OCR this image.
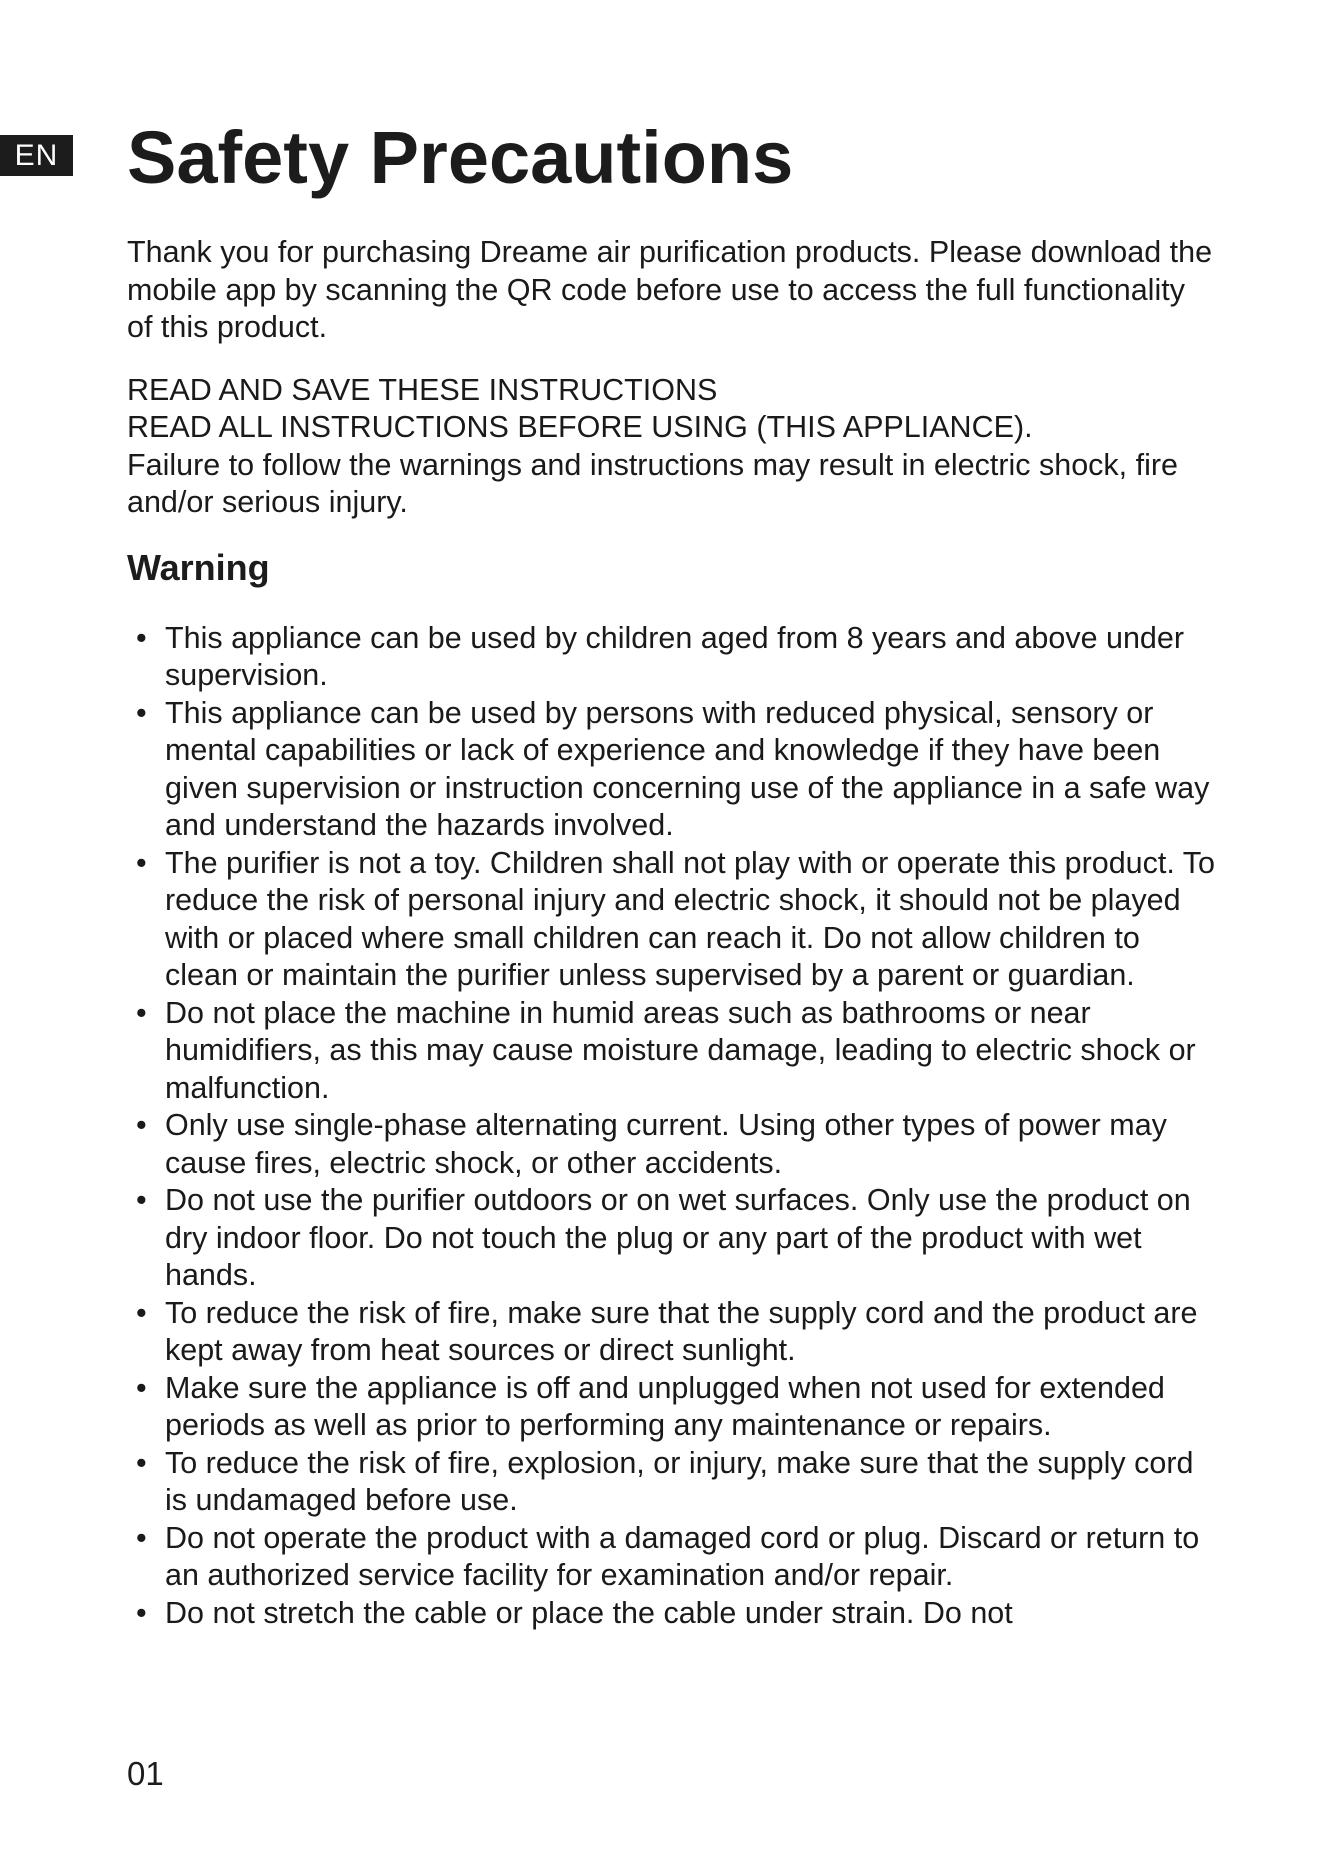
EN Safety Precautions

Thank you for purchasing Dreame air purification products. Please download the mobile app by scanning the QR code before use to access the full functionality of this product.

READ AND SAVE THESE INSTRUCTIONS

READ ALL INSTRUCTIONS BEFORE USING (THIS APPLIANCE).

Failure to follow the warnings and instructions may result in electric shock, fire and/or serious injury.

Warning
• This appliance can be used by children aged from 8 years and above under supervision.
• This appliance can be used by persons with reduced physical, sensory or mental capabilities or lack of experience and knowledge if they have been given supervision or instruction concerning use of the appliance in a safe way and understand the hazards involved.
• The purifier is not a toy. Children shall not play with or operate this product. To reduce the risk of personal injury and electric shock, it should not be played with or placed where small children can reach it. Do not allow children to clean or maintain the purifier unless supervised by a parent or guardian.
• Do not place the machine in humid areas such as bathrooms or near humidifiers, as this may cause moisture damage, leading to electric shock or malfunction.
• Only use single-phase alternating current. Using other types of power may cause fires, electric shock, or other accidents.
• Do not use the purifier outdoors or on wet surfaces. Only use the product on dry indoor floor. Do not touch the plug or any part of the product with wet hands.
• To reduce the risk of fire, make sure that the supply cord and the product are kept away from heat sources or direct sunlight.
• Make sure the appliance is off and unplugged when not used for extended periods as well as prior to performing any maintenance or repairs.
• To reduce the risk of fire, explosion, or injury, make sure that the supply cord is undamaged before use.
• Do not operate the product with a damaged cord or plug. Discard or return to an authorized service facility for examination and/or repair.
• Do not stretch the cable or place the cable under strain. Do not
01
